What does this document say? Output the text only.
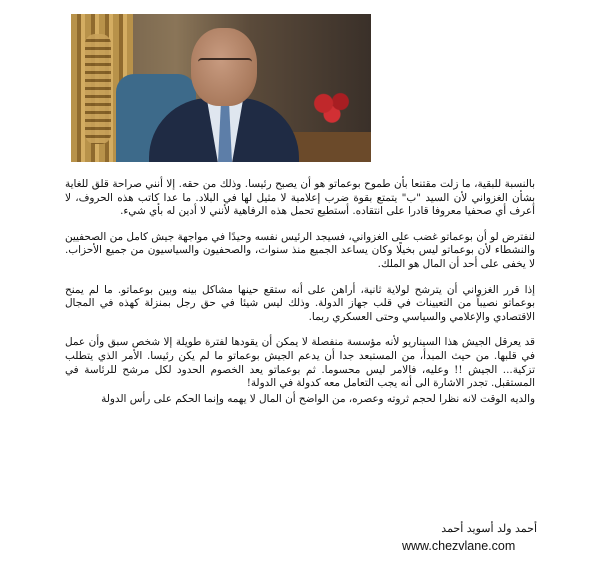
بالنسبة للبقية، ما زلت مقتنعا بأن طموح بوعماتو هو أن يصبح رئيسا. وذلك من حقه. إلا أنني صراحة قلق للغاية بشأن الغزواني لأن السيد "ب" يتمتع بقوة ضرب إعلامية لا مثيل لها في البلاد. ما عدا كاتب هذه الحروف، لا أعرف أي صحفيا معروفا قادرا على انتقاده. أستطيع تحمل هذه الرفاهية لأنني لا أدين له بأي شيء.

لنفترض لو أن بوعماتو غضب على الغزواني، فسيجد الرئيس نفسه وحيدًا في مواجهة جيش كامل من الصحفيين والنشطاء لأن بوعماتو ليس بخيلًا وكان يساعد الجميع منذ سنوات، والصحفيون والسياسيون من جميع الأحزاب. لا يخفى على أحد أن المال هو الملك.

إذا قرر الغزواني أن يترشح لولاية ثانية، أراهن على أنه ستقع حينها مشاكل بينه وبين بوعماتو. ما لم يمنح بوعماتو نصيباً من التعيينات في قلب جهاز الدولة. وذلك ليس شيئا في حق رجل بمنزلة كهذه في المجال الاقتصادي والإعلامي والسياسي وحتى العسكري ربما.

قد يعرقل الجيش هذا السيناريو لأنه مؤسسة منفصلة لا يمكن أن يقودها لفترة طويلة إلا شخص سبق وأن عمل في قلبها. من حيث المبدأ، من المستبعد جدا أن يدعم الجيش بوعماتو ما لم يكن رئيسا. الأمر الذي يتطلب تزكية... الجيش !! وعليه، فالامر ليس محسوما. ثم بوعماتو يعد الخصوم الحدود لكل مرشح للرئاسة في المستقبل. تجدر الاشارة الى أنه يجب التعامل معه كدولة في الدولة!

والديه الوقت لانه نظرا لحجم ثروته وعصره، من الواضح أن المال لا يهمه وإنما الحكم على رأس الدولة

أحمد ولد أسويد أحمد
www.chezvlane.com
